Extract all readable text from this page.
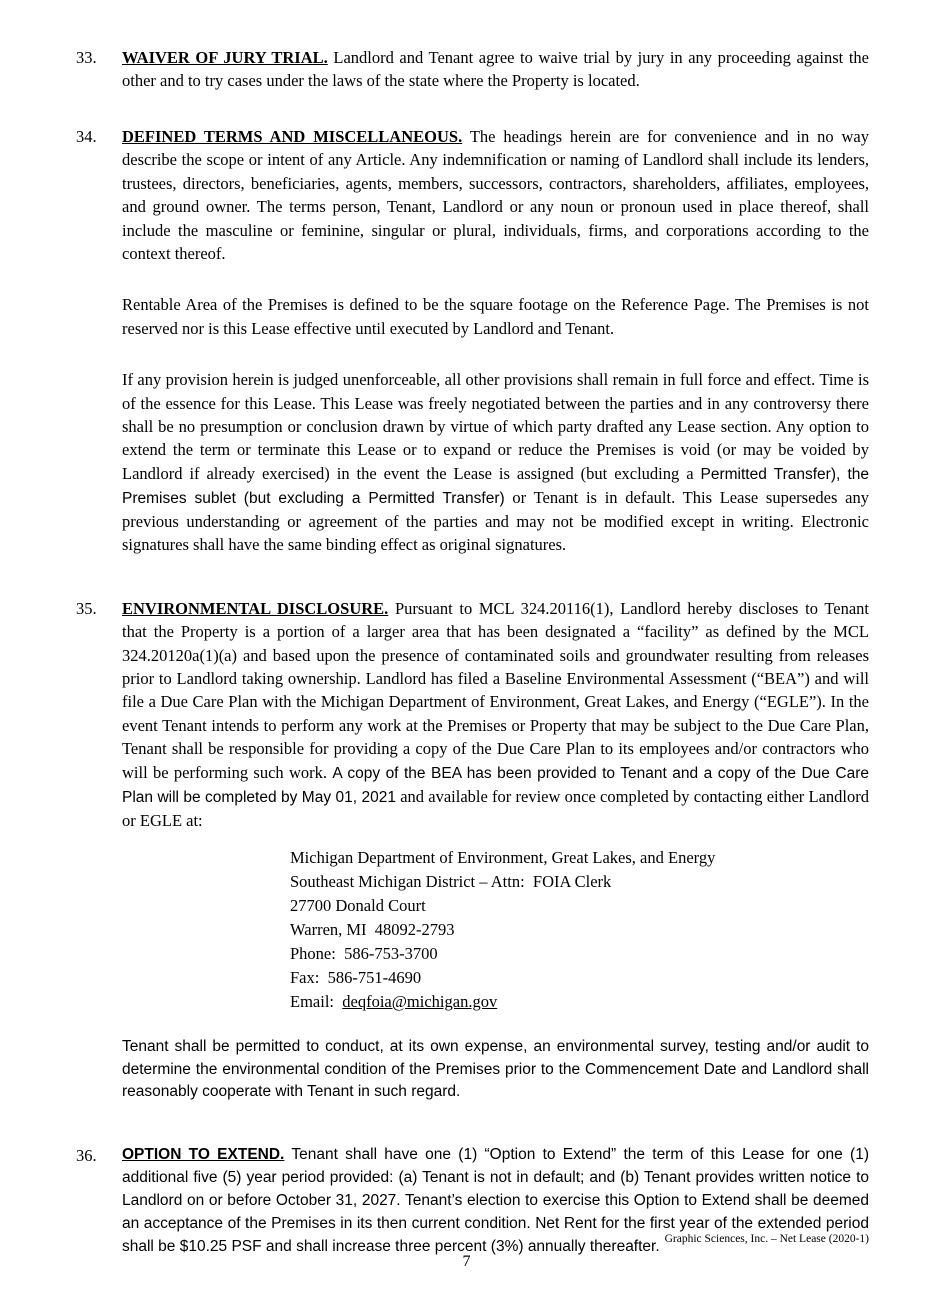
33.	WAIVER OF JURY TRIAL. Landlord and Tenant agree to waive trial by jury in any proceeding against the other and to try cases under the laws of the state where the Property is located.

34.	DEFINED TERMS AND MISCELLANEOUS. The headings herein are for convenience and in no way describe the scope or intent of any Article. Any indemnification or naming of Landlord shall include its lenders, trustees, directors, beneficiaries, agents, members, successors, contractors, shareholders, affiliates, employees, and ground owner. The terms person, Tenant, Landlord or any noun or pronoun used in place thereof, shall include the masculine or feminine, singular or plural, individuals, firms, and corporations according to the context thereof.

Rentable Area of the Premises is defined to be the square footage on the Reference Page. The Premises is not reserved nor is this Lease effective until executed by Landlord and Tenant.

If any provision herein is judged unenforceable, all other provisions shall remain in full force and effect. Time is of the essence for this Lease. This Lease was freely negotiated between the parties and in any controversy there shall be no presumption or conclusion drawn by virtue of which party drafted any Lease section. Any option to extend the term or terminate this Lease or to expand or reduce the Premises is void (or may be voided by Landlord if already exercised) in the event the Lease is assigned (but excluding a Permitted Transfer), the Premises sublet (but excluding a Permitted Transfer) or Tenant is in default. This Lease supersedes any previous understanding or agreement of the parties and may not be modified except in writing. Electronic signatures shall have the same binding effect as original signatures.

35.	ENVIRONMENTAL DISCLOSURE. Pursuant to MCL 324.20116(1), Landlord hereby discloses to Tenant that the Property is a portion of a larger area that has been designated a “facility” as defined by the MCL 324.20120a(1)(a) and based upon the presence of contaminated soils and groundwater resulting from releases prior to Landlord taking ownership. Landlord has filed a Baseline Environmental Assessment (“BEA”) and will file a Due Care Plan with the Michigan Department of Environment, Great Lakes, and Energy (“EGLE”). In the event Tenant intends to perform any work at the Premises or Property that may be subject to the Due Care Plan, Tenant shall be responsible for providing a copy of the Due Care Plan to its employees and/or contractors who will be performing such work. A copy of the BEA has been provided to Tenant and a copy of the Due Care Plan will be completed by May 01, 2021 and available for review once completed by contacting either Landlord or EGLE at:

Michigan Department of Environment, Great Lakes, and Energy
Southeast Michigan District – Attn:  FOIA Clerk
27700 Donald Court
Warren, MI  48092-2793
Phone:  586-753-3700
Fax:  586-751-4690
Email: deqfoia@michigan.gov

Tenant shall be permitted to conduct, at its own expense, an environmental survey, testing and/or audit to determine the environmental condition of the Premises prior to the Commencement Date and Landlord shall reasonably cooperate with Tenant in such regard.

36.	OPTION TO EXTEND. Tenant shall have one (1) “Option to Extend” the term of this Lease for one (1) additional five (5) year period provided: (a) Tenant is not in default; and (b) Tenant provides written notice to Landlord on or before October 31, 2027. Tenant’s election to exercise this Option to Extend shall be deemed an acceptance of the Premises in its then current condition. Net Rent for the first year of the extended period shall be $10.25 PSF and shall increase three percent (3%) annually thereafter. Graphic Sciences, Inc. – Net Lease (2020-1)
7
